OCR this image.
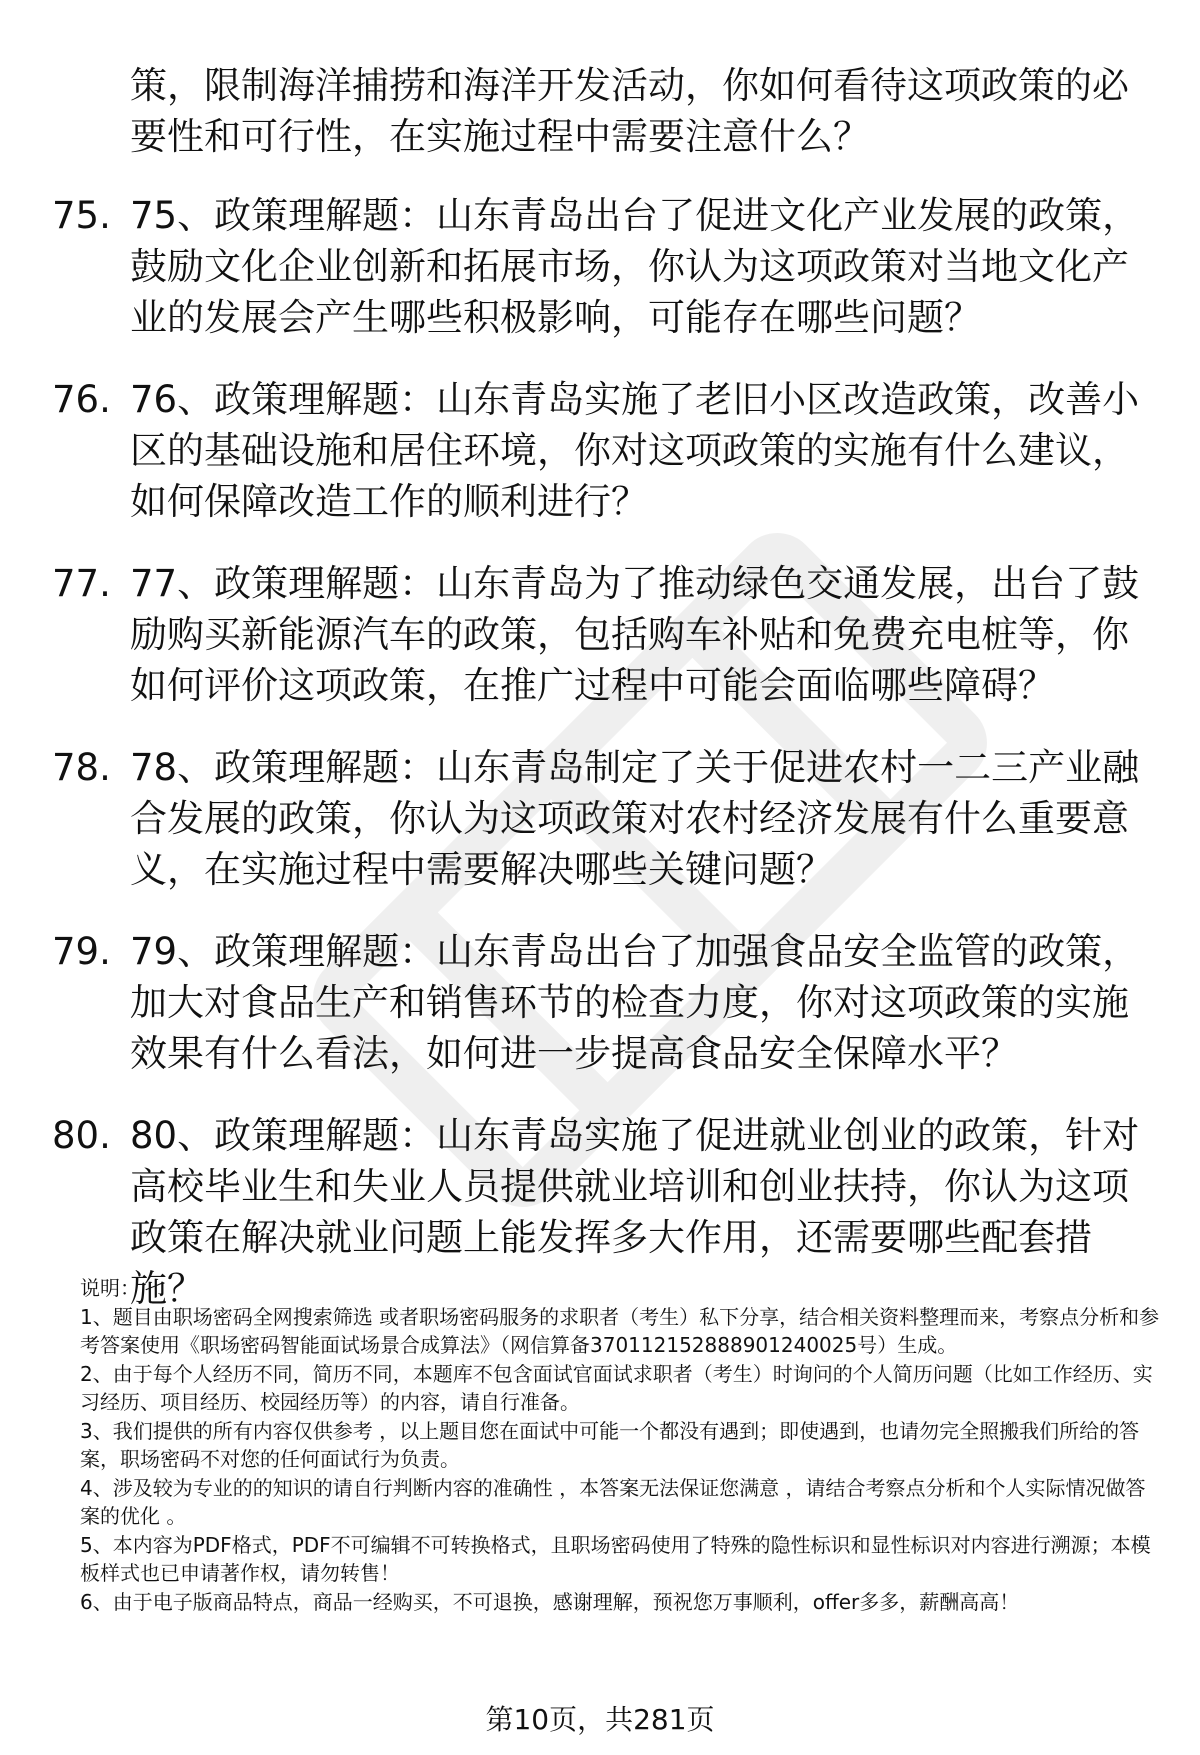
策，限制海洋捕捞和海洋开发活动，你如何看待这项政策的必要性和可行性，在实施过程中需要注意什么？

75. 75、政策理解题：山东青岛出台了促进文化产业发展的政策，鼓励文化企业创新和拓展市场，你认为这项政策对当地文化产业的发展会产生哪些积极影响，可能存在哪些问题？
76. 76、政策理解题：山东青岛实施了老旧小区改造政策，改善小区的基础设施和居住环境，你对这项政策的实施有什么建议，如何保障改造工作的顺利进行？
77. 77、政策理解题：山东青岛为了推动绿色交通发展，出台了鼓励购买新能源汽车的政策，包括购车补贴和免费充电桩等，你如何评价这项政策，在推广过程中可能会面临哪些障碍？
78. 78、政策理解题：山东青岛制定了关于促进农村一二三产业融合发展的政策，你认为这项政策对农村经济发展有什么重要意义，在实施过程中需要解决哪些关键问题？
79. 79、政策理解题：山东青岛出台了加强食品安全监管的政策，加大对食品生产和销售环节的检查力度，你对这项政策的实施效果有什么看法，如何进一步提高食品安全保障水平？
80. 80、政策理解题：山东青岛实施了促进就业创业的政策，针对高校毕业生和失业人员提供就业培训和创业扶持，你认为这项政策在解决就业问题上能发挥多大作用，还需要哪些配套措施？

说明：

1、题目由职场密码全网搜索筛选 或者职场密码服务的求职者（考生）私下分享，结合相关资料整理而来，考察点分析和参考答案使用《职场密码智能面试场景合成算法》（网信算备370112152888901240025号）生成。

2、由于每个人经历不同，简历不同，本题库不包含面试官面试求职者（考生）时询问的个人简历问题（比如工作经历、实习经历、项目经历、校园经历等）的内容，请自行准备。

3、我们提供的所有内容仅供参考 ，以上题目您在面试中可能一个都没有遇到；即使遇到，也请勿完全照搬我们所给的答案，职场密码不对您的任何面试行为负责。

4、涉及较为专业的的知识的请自行判断内容的准确性 ，本答案无法保证您满意 ，请结合考察点分析和个人实际情况做答案的优化 。

5、本内容为PDF格式，PDF不可编辑不可转换格式，且职场密码使用了特殊的隐性标识和显性标识对内容进行溯源；本模板样式也已申请著作权，请勿转售！

6、由于电子版商品特点，商品一经购买，不可退换，感谢理解，预祝您万事顺利，offer多多，薪酬高高！

第10页，共281页
